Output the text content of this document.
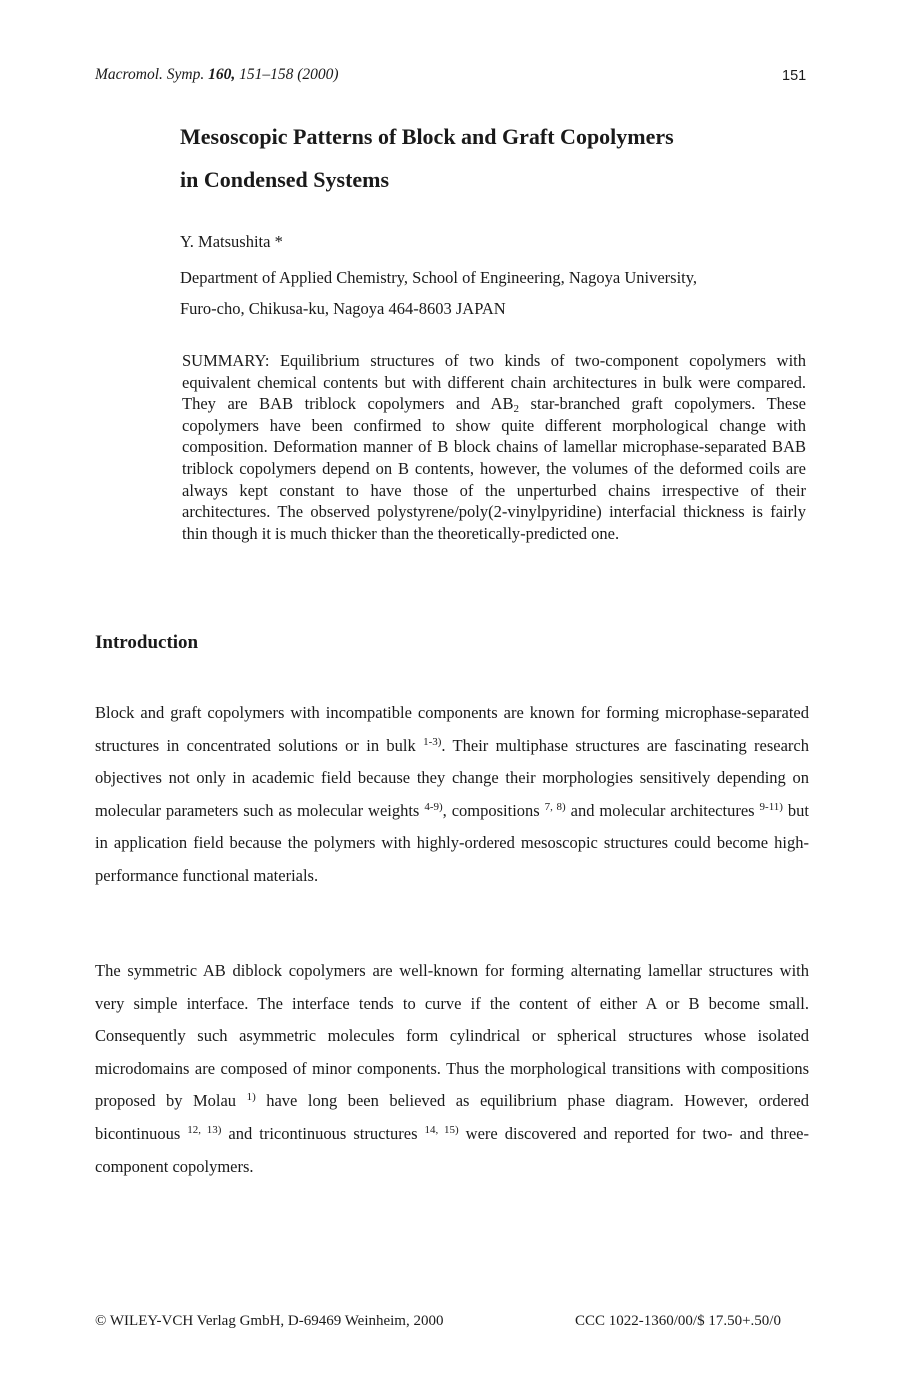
Macromol. Symp. 160, 151–158 (2000)	151
Mesoscopic Patterns of Block and Graft Copolymers
in Condensed Systems
Y. Matsushita *
Department of Applied Chemistry, School of Engineering, Nagoya University,
Furo-cho, Chikusa-ku, Nagoya 464-8603 JAPAN
SUMMARY: Equilibrium structures of two kinds of two-component copolymers with equivalent chemical contents but with different chain architectures in bulk were compared. They are BAB triblock copolymers and $AB_2$ star-branched graft copolymers. These copolymers have been confirmed to show quite different morphological change with composition. Deformation manner of B block chains of lamellar microphase-separated BAB triblock copolymers depend on B contents, however, the volumes of the deformed coils are always kept constant to have those of the unperturbed chains irrespective of their architectures. The observed polystyrene/poly(2-vinylpyridine) interfacial thickness is fairly thin though it is much thicker than the theoretically-predicted one.
Introduction
Block and graft copolymers with incompatible components are known for forming microphase-separated structures in concentrated solutions or in bulk $^{1-3)}$. Their multiphase structures are fascinating research objectives not only in academic field because they change their morphologies sensitively depending on molecular parameters such as molecular weights $^{4-9)}$, compositions $^{7, 8)}$ and molecular architectures $^{9-11)}$ but in application field because the polymers with highly-ordered mesoscopic structures could become high-performance functional materials.
The symmetric AB diblock copolymers are well-known for forming alternating lamellar structures with very simple interface. The interface tends to curve if the content of either A or B become small. Consequently such asymmetric molecules form cylindrical or spherical structures whose isolated microdomains are composed of minor components. Thus the morphological transitions with compositions proposed by Molau $^{1)}$ have long been believed as equilibrium phase diagram. However, ordered bicontinuous $^{12, 13)}$ and tricontinuous structures $^{14, 15)}$ were discovered and reported for two- and three-component copolymers.
© WILEY-VCH Verlag GmbH, D-69469 Weinheim, 2000	CCC 1022-1360/00/$ 17.50+.50/0
